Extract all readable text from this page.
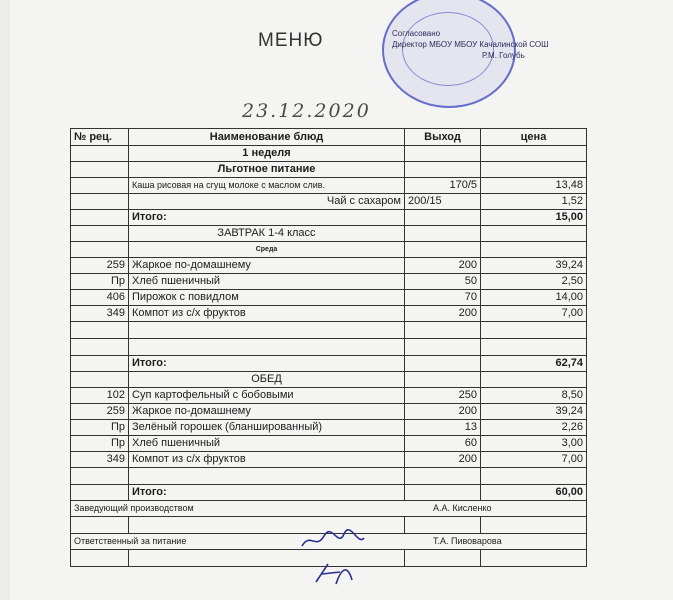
МЕНЮ	Согласовано
Директор МБОУ МБОУ Качалинской СОШ
Р.М. Голубь
23.12.2020
№ рец.	Наименование блюд	Выход	цена
	1 неделя		
	Льготное питание		
	Каша рисовая на сгущ молоке с маслом слив.	170/5	13,48
	Чай с сахаром	200/15	1,52
	Итого:		15,00
	ЗАВТРАК 1-4 класс		
	Среда		
259	Жаркое по-домашнему	200	39,24
Пр	Хлеб пшеничный	50	2,50
406	Пирожок с повидлом	70	14,00
349	Компот из с/х фруктов	200	7,00

	Итого:		62,74
	ОБЕД		
102	Суп картофельный с бобовыми	250	8,50
259	Жаркое по-домашнему	200	39,24
Пр	Зелёный горошек (бланшированный)	13	2,26
Пр	Хлеб пшеничный	60	3,00
349	Компот из с/х фруктов	200	7,00

	Итого:		60,00
Заведующий производством А.А. Кисленко			

Ответственный за питание Т.А. Пивоварова			
